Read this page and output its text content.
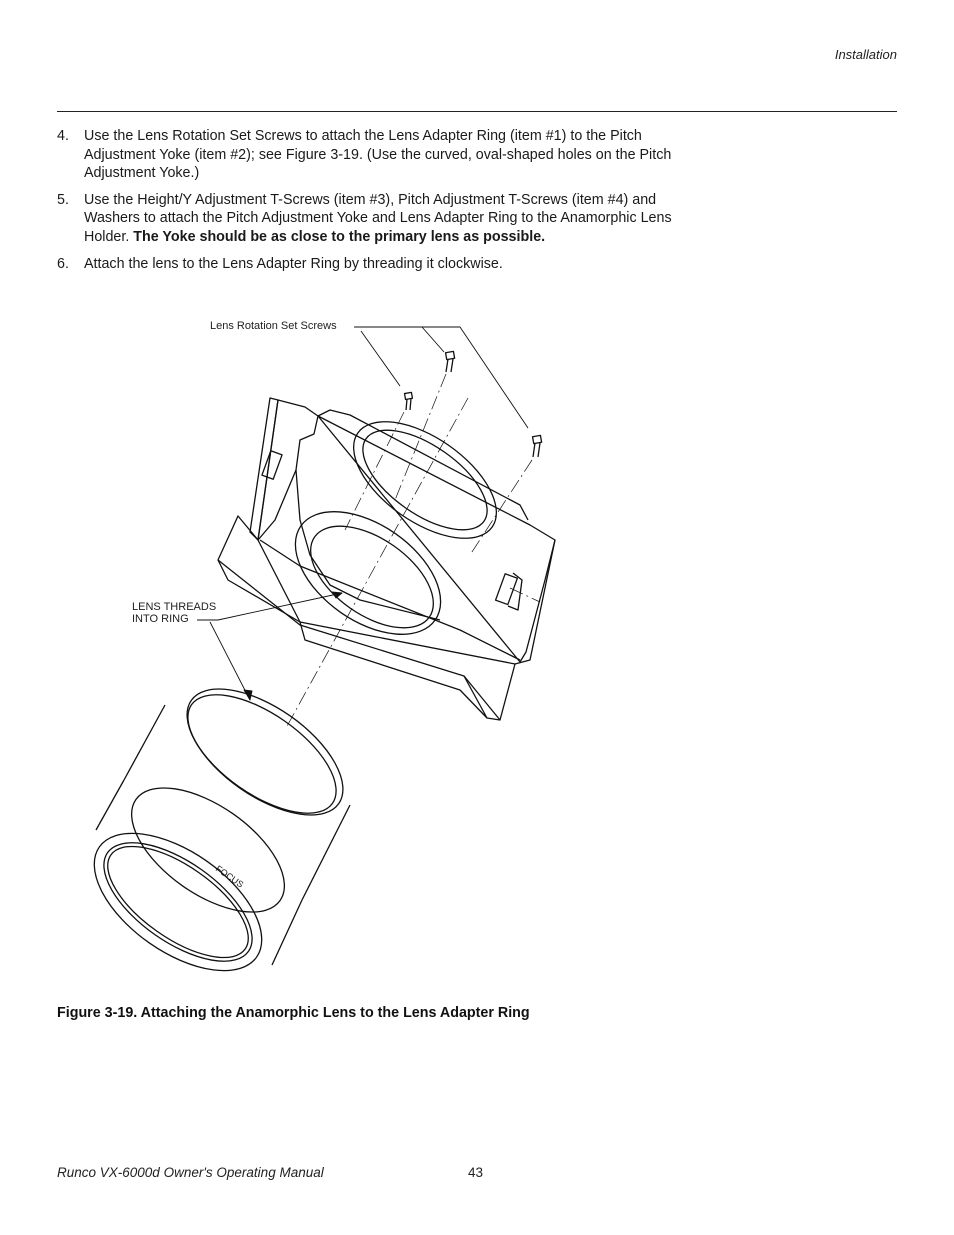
Installation
4.	Use the Lens Rotation Set Screws to attach the Lens Adapter Ring (item #1) to the Pitch Adjustment Yoke (item #2); see Figure 3-19. (Use the curved, oval-shaped holes on the Pitch Adjustment Yoke.)
5.	Use the Height/Y Adjustment T-Screws (item #3), Pitch Adjustment T-Screws (item #4) and Washers to attach the Pitch Adjustment Yoke and Lens Adapter Ring to the Anamorphic Lens Holder. The Yoke should be as close to the primary lens as possible.
6.	Attach the lens to the Lens Adapter Ring by threading it clockwise.
FOCUS
Lens Rotation Set Screws
LENS THREADS
INTO RING
Figure 3-19. Attaching the Anamorphic Lens to the Lens Adapter Ring
Runco VX-6000d Owner's Operating Manual	43
